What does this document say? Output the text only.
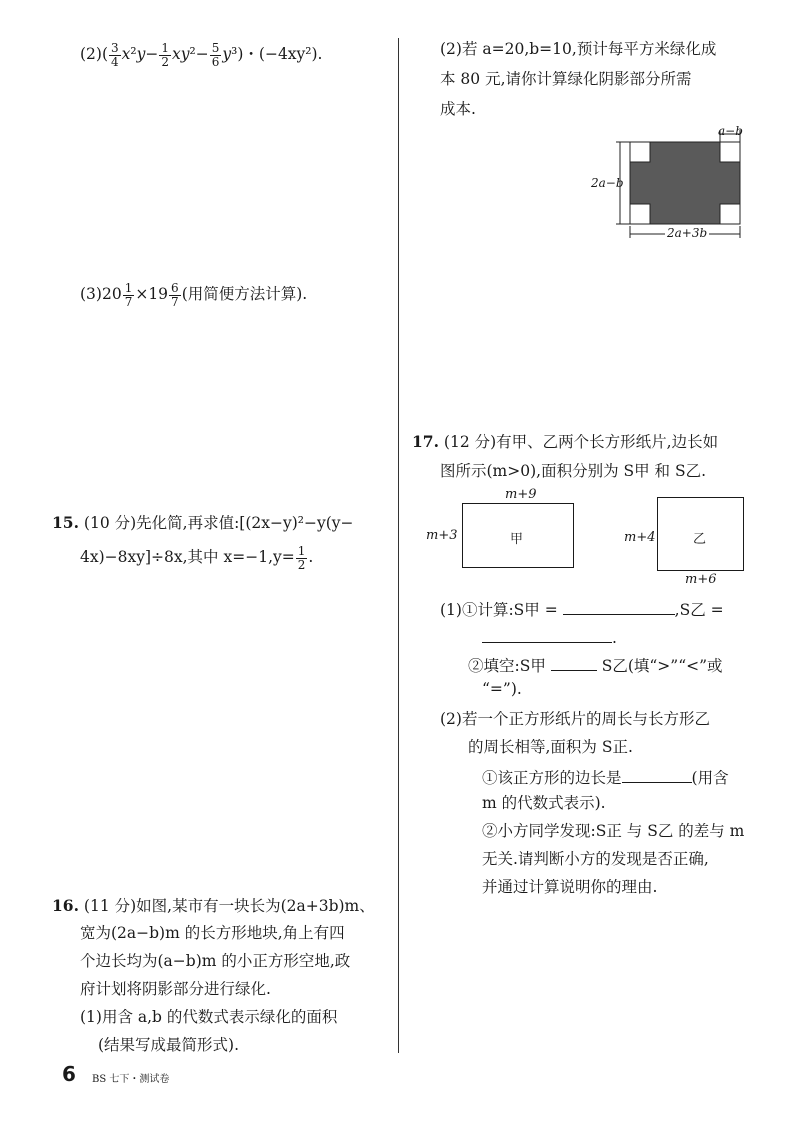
$(2)( \frac{3}{4} x^2y- \frac{1}{2} xy^2- \frac{5}{6} y^3)$・(−4xy²).
$(3)20 \frac{1}{7} \times 19 \frac{6}{7}$ (用简便方法计算).
15. (10 分)先化简,再求值:[(2x−y)²−y(y−
4x)−8xy]÷8x,其中 $x=-1,y= \frac{1}{2}$ .
16. (11 分)如图,某市有一块长为(2a+3b)m、
宽为(2a−b)m 的长方形地块,角上有四
个边长均为(a−b)m 的小正方形空地,政
府计划将阴影部分进行绿化.
(1)用含 a,b 的代数式表示绿化的面积
(结果写成最简形式).
(2)若 a=20,b=10,预计每平方米绿化成
本 80 元,请你计算绿化阴影部分所需
成本.
a−b
2a−b
2a+3b
17. (12 分)有甲、乙两个长方形纸片,边长如
图所示(m>0),面积分别为 S甲 和 S乙.
m+9
m+3	甲	m+4	乙
m+6
(1)①计算:S甲 =	,S乙 =
.
②填空:S甲	S乙(填“>”“<”或
“=”).
(2)若一个正方形纸片的周长与长方形乙
的周长相等,面积为 S正.
①该正方形的边长是	(用含
m 的代数式表示).
②小方同学发现:S正 与 S乙 的差与 m
无关.请判断小方的发现是否正确,
并通过计算说明你的理由.
6 BS 七下・测试卷
